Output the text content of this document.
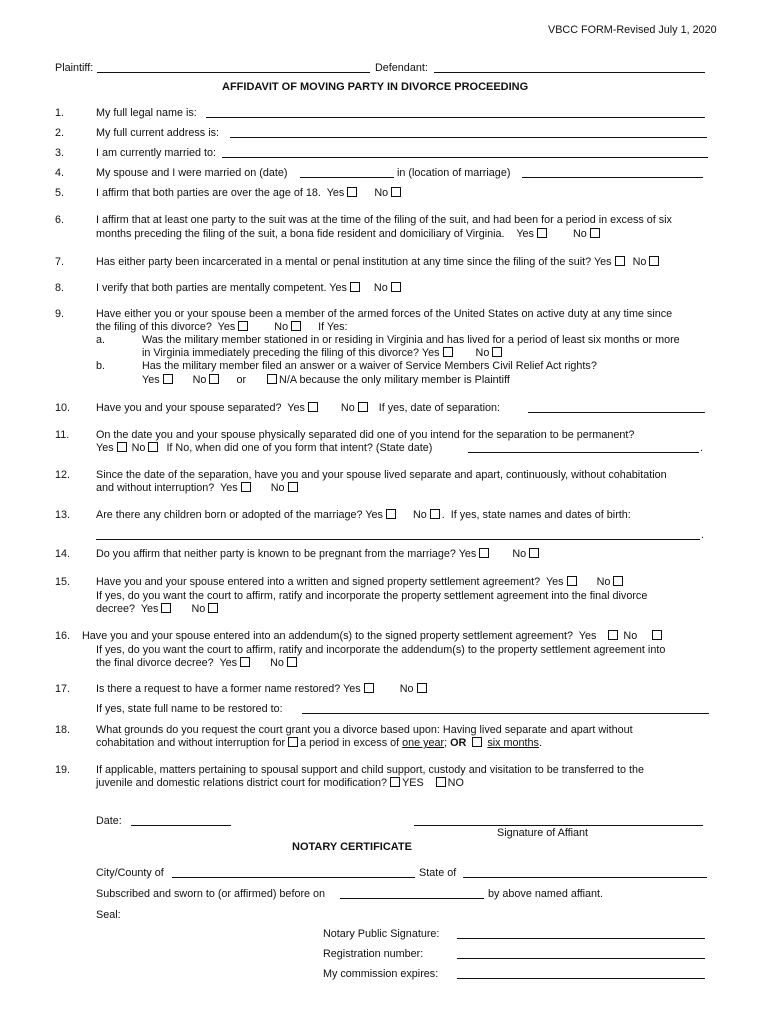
VBCC FORM-Revised July 1, 2020
Plaintiff:	Defendant:
AFFIDAVIT OF MOVING PARTY IN DIVORCE PROCEEDING
1.	My full legal name is:
2.	My full current address is:
3.	I am currently married to:
4.	My spouse and I were married on (date)	in (location of marriage)
5.	I affirm that both parties are over the age of 18. Yes	No
6.	I affirm that at least one party to the suit was at the time of the filing of the suit, and had been for a period in excess of six
months preceding the filing of the suit, a bona fide resident and domiciliary of Virginia. Yes	No
7.	Has either party been incarcerated in a mental or penal institution at any time since the filing of the suit? Yes No
8.	I verify that both parties are mentally competent. Yes	No
9.	Have either you or your spouse been a member of the armed forces of the United States on active duty at any time since
the filing of this divorce? Yes	No	If Yes:
a.	Was the military member stationed in or residing in Virginia and has lived for a period of least six months or more
in Virginia immediately preceding the filing of this divorce? Yes	No
b.	Has the military member filed an answer or a waiver of Service Members Civil Relief Act rights?
Yes	No	or	N/A because the only military member is Plaintiff
10. Have you and your spouse separated? Yes	No If yes, date of separation:
11. On the date you and your spouse physically separated did one of you intend for the separation to be permanent?
Yes No If No, when did one of you form that intent? (State date)	.
12. Since the date of the separation, have you and your spouse lived separate and apart, continuously, without cohabitation
and without interruption? Yes	No
13. Are there any children born or adopted of the marriage? Yes	No . If yes, state names and dates of birth:
.
14. Do you affirm that neither party is known to be pregnant from the marriage? Yes	No
15. Have you and your spouse entered into a written and signed property settlement agreement? Yes	No
If yes, do you want the court to affirm, ratify and incorporate the property settlement agreement into the final divorce
decree? Yes	No
16. Have you and your spouse entered into an addendum(s) to the signed property settlement agreement? Yes	No
If yes, do you want the court to affirm, ratify and incorporate the addendum(s) to the property settlement agreement into
the final divorce decree? Yes	No
17. Is there a request to have a former name restored? Yes	No
If yes, state full name to be restored to:
18. What grounds do you request the court grant you a divorce based upon: Having lived separate and apart without
cohabitation and without interruption for a period in excess of one year; OR six months.
19. If applicable, matters pertaining to spousal support and child support, custody and visitation to be transferred to the
juvenile and domestic relations district court for modification? YES NO
Date:
Signature of Affiant
NOTARY CERTIFICATE
City/County of	State of
Subscribed and sworn to (or affirmed) before on	by above named affiant.
Seal:
Notary Public Signature:
Registration number:
My commission expires:
